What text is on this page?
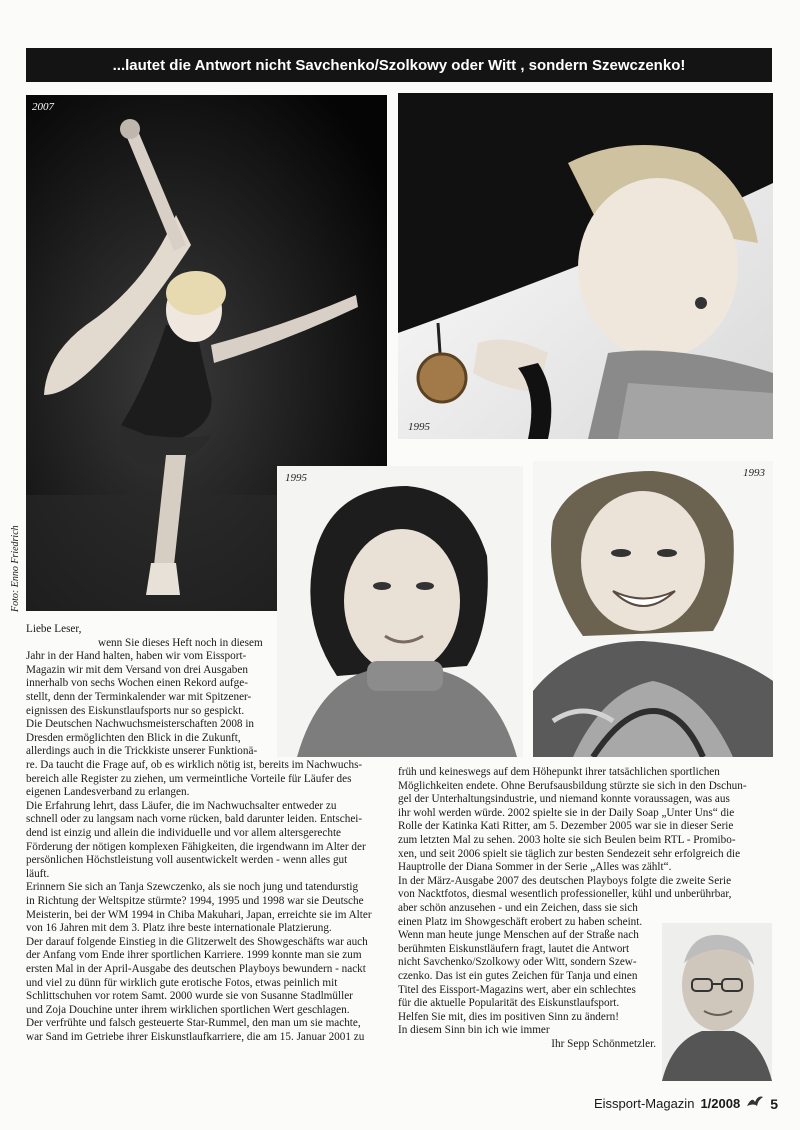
...lautet die Antwort nicht Savchenko/Szolkowy oder Witt , sondern Szewczenko!
2007
1995
1995	1993
Foto: Enno Friedrich

Liebe Leser,

wenn Sie dieses Heft noch in diesem

Jahr in der Hand halten, haben wir vom Eissport-

Magazin wir mit dem Versand von drei Ausgaben

innerhalb von sechs Wochen einen Rekord aufge-

stellt, denn der Terminkalender war mit Spitzener-

eignissen des Eiskunstlaufsports nur so gespickt.

Die Deutschen Nachwuchsmeisterschaften 2008 in

Dresden ermöglichten den Blick in die Zukunft,

allerdings auch in die Trickkiste unserer Funktionä-

re. Da taucht die Frage auf, ob es wirklich nötig ist, bereits im Nachwuchs-

bereich alle Register zu ziehen, um vermeintliche Vorteile für Läufer des

eigenen Landesverband zu erlangen.

Die Erfahrung lehrt, dass Läufer, die im Nachwuchsalter entweder zu

schnell oder zu langsam nach vorne rücken, bald darunter leiden. Entschei-

dend ist einzig und allein die individuelle und vor allem altersgerechte

Förderung der nötigen komplexen Fähigkeiten, die irgendwann im Alter der

persönlichen Höchstleistung voll ausentwickelt werden - wenn alles gut

läuft.

Erinnern Sie sich an Tanja Szewczenko, als sie noch jung und tatendurstig

in Richtung der Weltspitze stürmte? 1994, 1995 und 1998 war sie Deutsche

Meisterin, bei der WM 1994 in Chiba Makuhari, Japan, erreichte sie im Alter

von 16 Jahren mit dem 3. Platz ihre beste internationale Platzierung.

Der darauf folgende Einstieg in die Glitzerwelt des Showgeschäfts war auch

der Anfang vom Ende ihrer sportlichen Karriere. 1999 konnte man sie zum

ersten Mal in der April-Ausgabe des deutschen Playboys bewundern - nackt

und viel zu dünn für wirklich gute erotische Fotos, etwas peinlich mit

Schlittschuhen vor rotem Samt. 2000 wurde sie von Susanne Stadlmüller

und Zoja Douchine unter ihrem wirklichen sportlichen Wert geschlagen.

Der verfrühte und falsch gesteuerte Star-Rummel, den man um sie machte,

war Sand im Getriebe ihrer Eiskunstlaufkarriere, die am 15. Januar 2001 zu

früh und keineswegs auf dem Höhepunkt ihrer tatsächlichen sportlichen

Möglichkeiten endete. Ohne Berufsausbildung stürzte sie sich in den Dschun-

gel der Unterhaltungsindustrie, und niemand konnte voraussagen, was aus

ihr wohl werden würde. 2002 spielte sie in der Daily Soap „Unter Uns“ die

Rolle der Katinka Kati Ritter, am 5. Dezember 2005 war sie in dieser Serie

zum letzten Mal zu sehen. 2003 holte sie sich Beulen beim RTL - Promibo-

xen, und seit 2006 spielt sie täglich zur besten Sendezeit sehr erfolgreich die

Hauptrolle der Diana Sommer in der Serie „Alles was zählt“.

In der März-Ausgabe 2007 des deutschen Playboys folgte die zweite Serie

von Nacktfotos, diesmal wesentlich professioneller, kühl und unberührbar,

aber schön anzusehen - und ein Zeichen, dass sie sich

einen Platz im Showgeschäft erobert zu haben scheint.

Wenn man heute junge Menschen auf der Straße nach

berühmten Eiskunstläufern fragt, lautet die Antwort

nicht Savchenko/Szolkowy oder Witt, sondern Szew-

czenko. Das ist ein gutes Zeichen für Tanja und einen

Titel des Eissport-Magazins wert, aber ein schlechtes

für die aktuelle Popularität des Eiskunstlaufsport.

Helfen Sie mit, dies im positiven Sinn zu ändern!

In diesem Sinn bin ich wie immer

Ihr Sepp Schönmetzler.

Eissport-Magazin 1/2008 5
